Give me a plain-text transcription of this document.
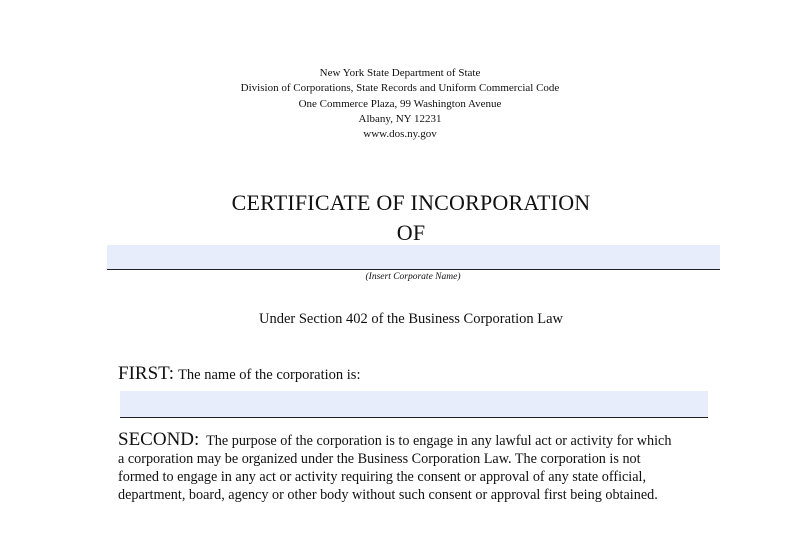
New York State Department of State
Division of Corporations, State Records and Uniform Commercial Code
One Commerce Plaza, 99 Washington Avenue
Albany, NY 12231
www.dos.ny.gov
CERTIFICATE OF INCORPORATION
OF
(Insert Corporate Name)
Under Section 402 of the Business Corporation Law
FIRST: The name of the corporation is:
SECOND: The purpose of the corporation is to engage in any lawful act or activity for which
a corporation may be organized under the Business Corporation Law. The corporation is not
formed to engage in any act or activity requiring the consent or approval of any state official,
department, board, agency or other body without such consent or approval first being obtained.
